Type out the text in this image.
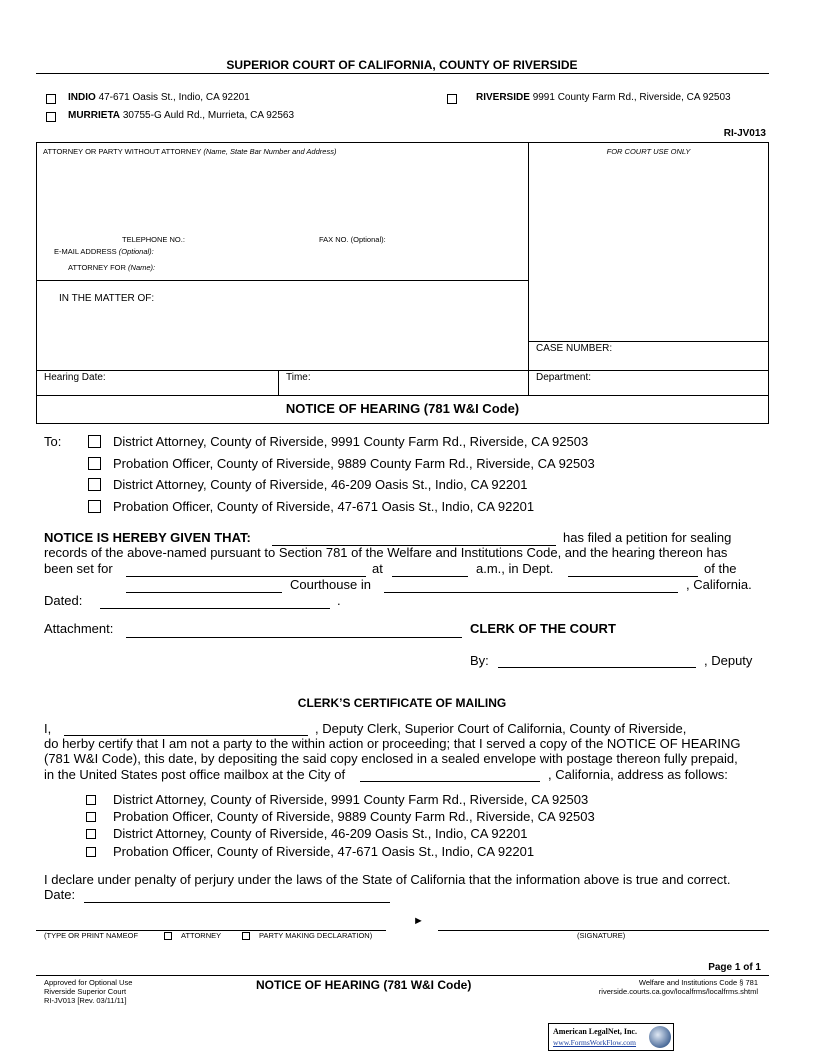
SUPERIOR COURT OF CALIFORNIA, COUNTY OF RIVERSIDE
INDIO 47-671 Oasis St., Indio, CA 92201	RIVERSIDE 9991 County Farm Rd., Riverside, CA 92503
MURRIETA 30755-G Auld Rd., Murrieta, CA 92563
RI-JV013
ATTORNEY OR PARTY WITHOUT ATTORNEY (Name, State Bar Number and Address)	FOR COURT USE ONLY
TELEPHONE NO.:	FAX NO. (Optional):
E-MAIL ADDRESS (Optional):
ATTORNEY FOR (Name):
IN THE MATTER OF:
CASE NUMBER:
Hearing Date:	Time:	Department:
NOTICE OF HEARING (781 W&I Code)
To:	District Attorney, County of Riverside, 9991 County Farm Rd., Riverside, CA 92503
Probation Officer, County of Riverside, 9889 County Farm Rd., Riverside, CA 92503
District Attorney, County of Riverside, 46-209 Oasis St., Indio, CA 92201
Probation Officer, County of Riverside, 47-671 Oasis St., Indio, CA 92201
NOTICE IS HEREBY GIVEN THAT:	has filed a petition for sealing
records of the above-named pursuant to Section 781 of the Welfare and Institutions Code, and the hearing thereon has
been set for	at	a.m., in Dept.	of the
Courthouse in	, California.
Dated:	.
Attachment:	CLERK OF THE COURT
By:	, Deputy
CLERK’S CERTIFICATE OF MAILING
I,	, Deputy Clerk, Superior Court of California, County of Riverside,
do herby certify that I am not a party to the within action or proceeding; that I served a copy of the NOTICE OF HEARING
(781 W&I Code), this date, by depositing the said copy enclosed in a sealed envelope with postage thereon fully prepaid,
in the United States post office mailbox at the City of	, California, address as follows:
District Attorney, County of Riverside, 9991 County Farm Rd., Riverside, CA 92503
Probation Officer, County of Riverside, 9889 County Farm Rd., Riverside, CA 92503
District Attorney, County of Riverside, 46-209 Oasis St., Indio, CA 92201
Probation Officer, County of Riverside, 47-671 Oasis St., Indio, CA 92201
I declare under penalty of perjury under the laws of the State of California that the information above is true and correct.
Date:
►
(TYPE OR PRINT NAMEOF	ATTORNEY	PARTY MAKING DECLARATION)	(SIGNATURE)
Page 1 of 1
Approved for Optional Use
Riverside Superior Court
RI-JV013 [Rev. 03/11/11]
NOTICE OF HEARING (781 W&I Code)	Welfare and Institutions Code § 781
riverside.courts.ca.gov/localfrms/localfrms.shtml
American LegalNet, Inc.
www.FormsWorkFlow.com
